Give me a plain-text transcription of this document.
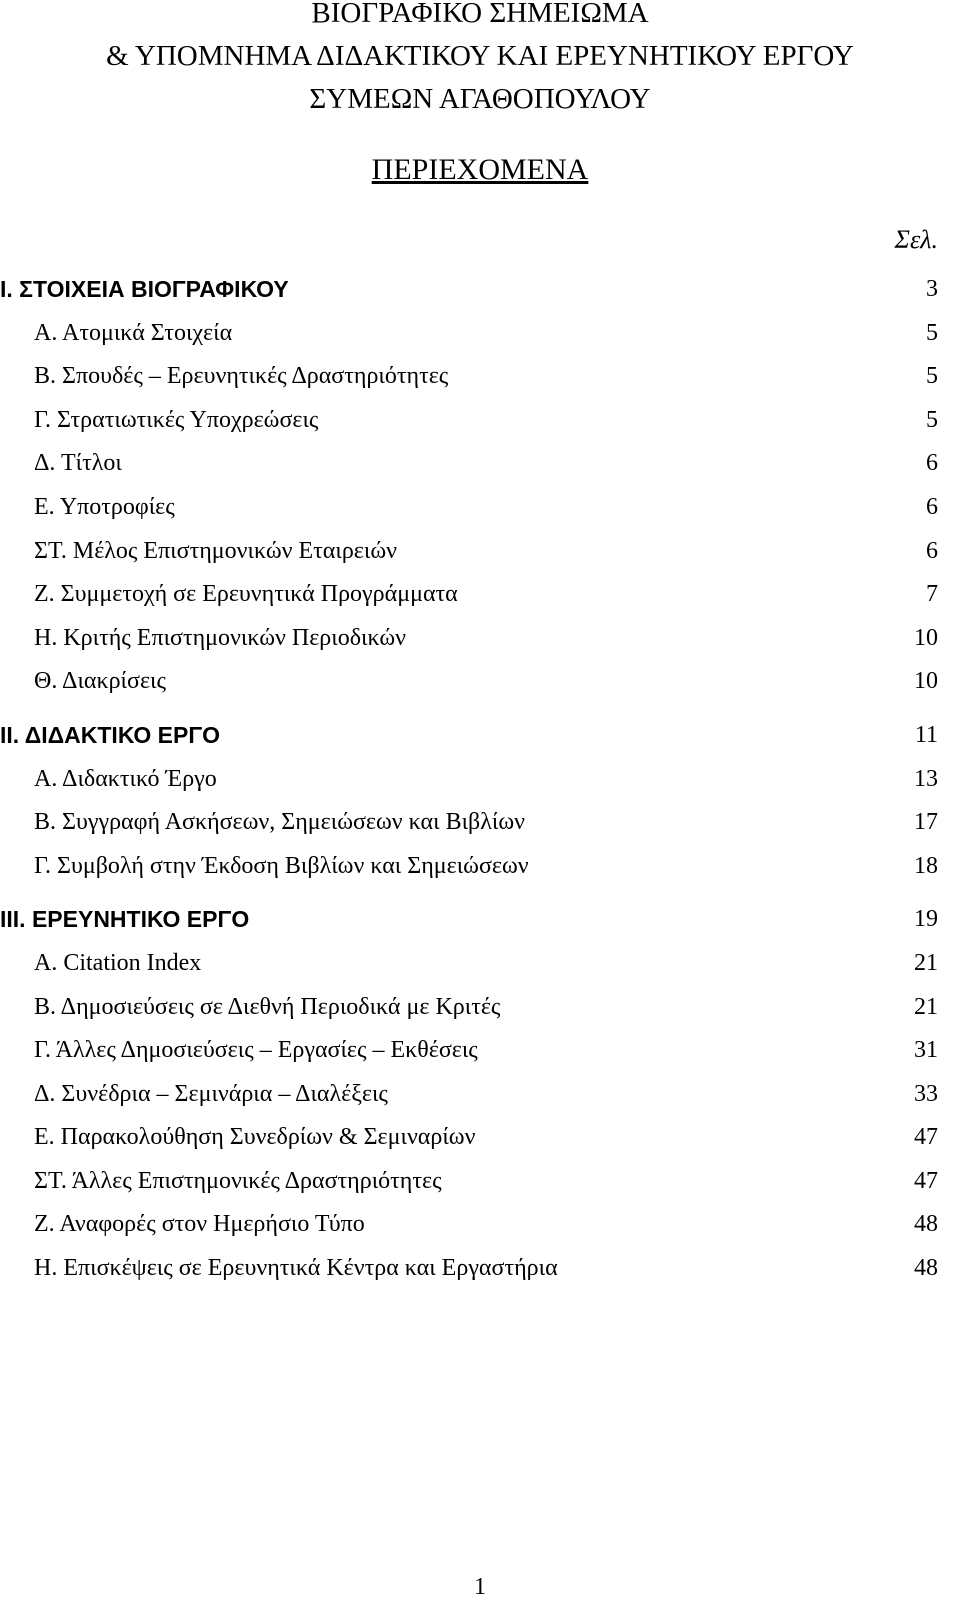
ΒΙΟΓΡΑΦΙΚΟ ΣΗΜΕΙΩΜΑ
& ΥΠΟΜΝΗΜΑ ΔΙΔΑΚΤΙΚΟΥ ΚΑΙ ΕΡΕΥΝΗΤΙΚΟΥ ΕΡΓΟΥ
ΣΥΜΕΩΝ ΑΓΑΘΟΠΟΥΛΟΥ
ΠΕΡΙΕΧΟΜΕΝΑ
Σελ.
Ι. ΣΤΟΙΧΕΙΑ ΒΙΟΓΡΑΦΙΚΟΥ	3
Α. Ατομικά Στοιχεία	5
Β. Σπουδές – Ερευνητικές Δραστηριότητες	5
Γ. Στρατιωτικές Υποχρεώσεις	5
Δ. Τίτλοι	6
Ε. Υποτροφίες	6
ΣΤ. Μέλος Επιστημονικών Εταιρειών	6
Ζ. Συμμετοχή σε Ερευνητικά Προγράμματα	7
Η. Κριτής Επιστημονικών Περιοδικών	10
Θ. Διακρίσεις	10
ΙΙ. ΔΙΔΑΚΤΙΚΟ ΕΡΓΟ	11
Α. Διδακτικό Έργο	13
Β. Συγγραφή Ασκήσεων, Σημειώσεων και Βιβλίων	17
Γ. Συμβολή στην Έκδοση Βιβλίων και Σημειώσεων	18
ΙΙΙ. ΕΡΕΥΝΗΤΙΚΟ ΕΡΓΟ	19
Α. Citation Index	21
Β. Δημοσιεύσεις σε Διεθνή Περιοδικά με Κριτές	21
Γ. Άλλες Δημοσιεύσεις – Εργασίες – Εκθέσεις	31
Δ. Συνέδρια – Σεμινάρια – Διαλέξεις	33
Ε. Παρακολούθηση Συνεδρίων & Σεμιναρίων	47
ΣΤ. Άλλες Επιστημονικές Δραστηριότητες	47
Ζ. Αναφορές στον Ημερήσιο Τύπο	48
Η. Επισκέψεις σε Ερευνητικά Κέντρα και Εργαστήρια	48
1
